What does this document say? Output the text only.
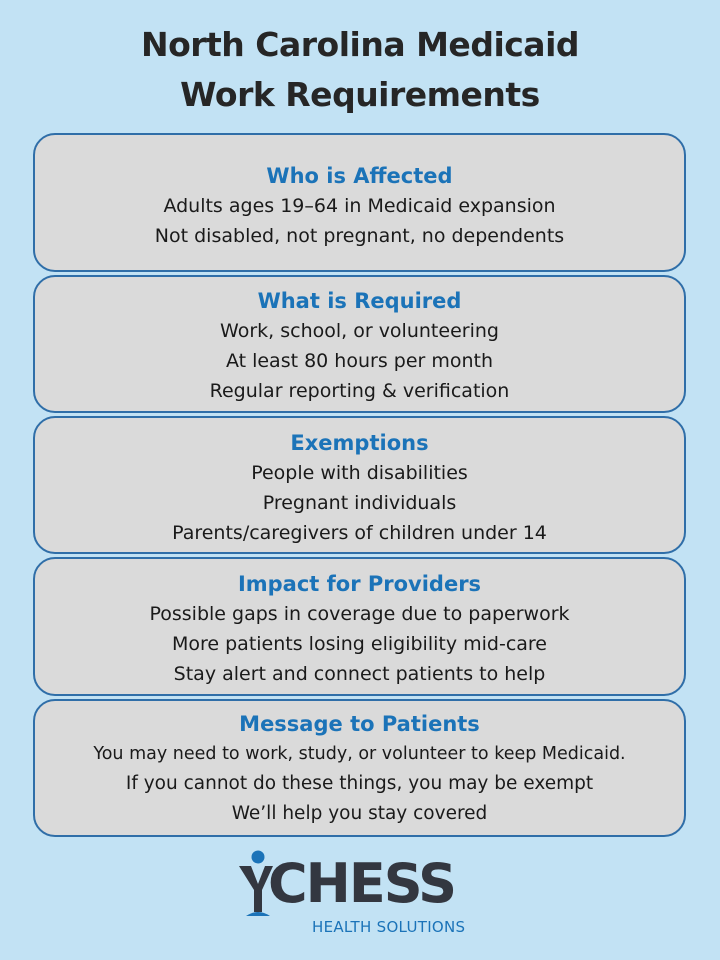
North Carolina Medicaid
Work Requirements
Who is Affected
Adults ages 19–64 in Medicaid expansion
Not disabled, not pregnant, no dependents
What is Required
Work, school, or volunteering
At least 80 hours per month
Regular reporting & verification
Exemptions
People with disabilities
Pregnant individuals
Parents/caregivers of children under 14
Impact for Providers
Possible gaps in coverage due to paperwork
More patients losing eligibility mid-care
Stay alert and connect patients to help
Message to Patients
You may need to work, study, or volunteer to keep Medicaid.
If you cannot do these things, you may be exempt
We’ll help you stay covered
CHESS
HEALTH SOLUTIONS
